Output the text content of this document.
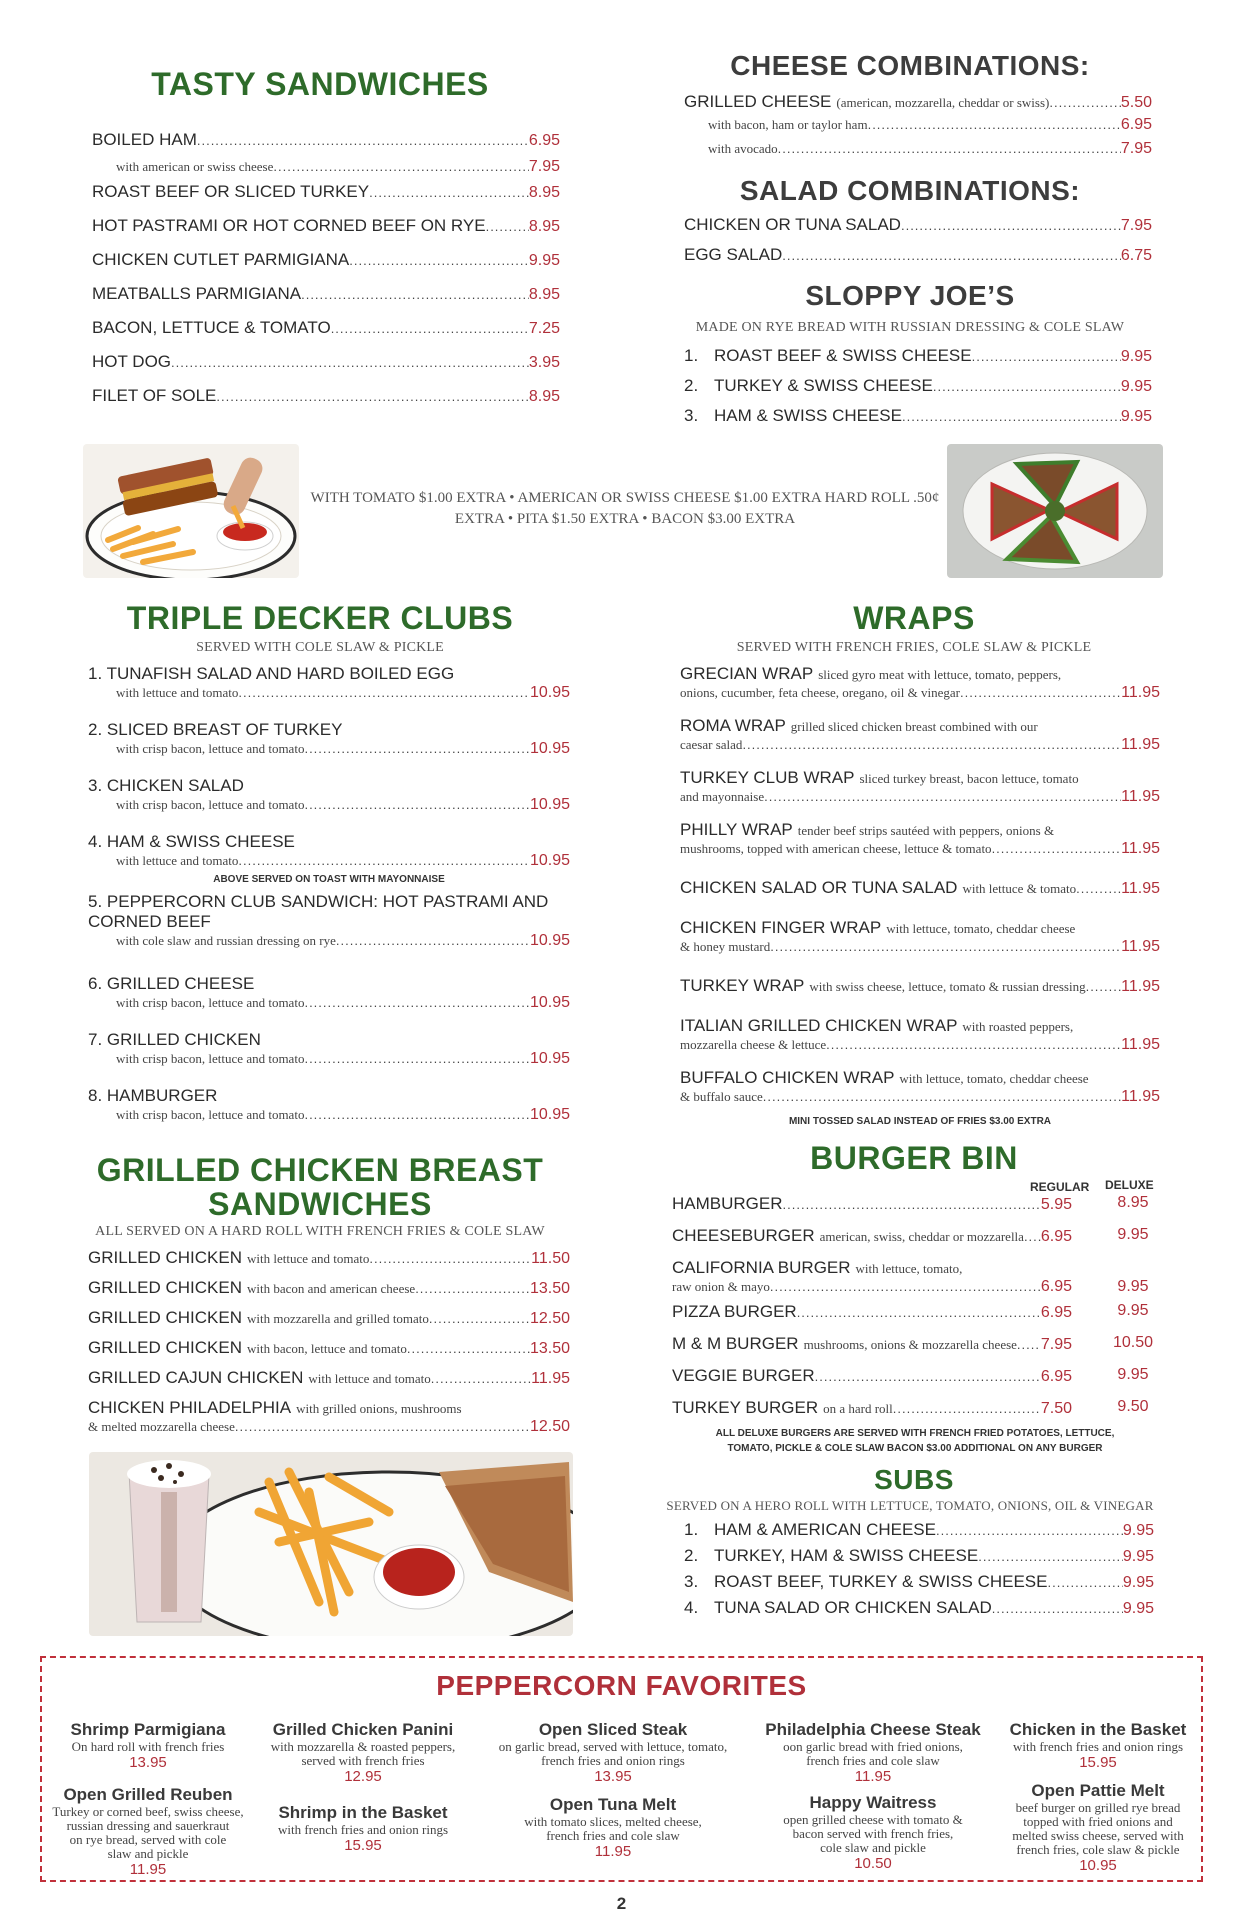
TASTY SANDWICHES
BOILED HAM .....	6.95
with american or swiss cheese .....	7.95
ROAST BEEF OR SLICED TURKEY .....	8.95
HOT PASTRAMI OR HOT CORNED BEEF ON RYE .....	8.95
CHICKEN CUTLET PARMIGIANA .....	9.95
MEATBALLS PARMIGIANA .....	8.95
BACON, LETTUCE & TOMATO .....	7.25
HOT DOG .....	3.95
FILET OF SOLE .....	8.95
CHEESE COMBINATIONS:
GRILLED CHEESE (american, mozzarella, cheddar or swiss) .....	5.50
with bacon, ham or taylor ham .....	6.95
with avocado .....	7.95
SALAD COMBINATIONS:
CHICKEN OR TUNA SALAD .....	7.95
EGG SALAD .....	6.75
SLOPPY JOE’S
MADE ON RYE BREAD WITH RUSSIAN DRESSING & COLE SLAW
1. ROAST BEEF & SWISS CHEESE .....	9.95
2. TURKEY & SWISS CHEESE .....	9.95
3. HAM & SWISS CHEESE .....	9.95
WITH TOMATO $1.00 EXTRA • AMERICAN OR SWISS CHEESE $1.00 EXTRA HARD ROLL .50¢
EXTRA • PITA $1.50 EXTRA • BACON $3.00 EXTRA
TRIPLE DECKER CLUBS
SERVED WITH COLE SLAW & PICKLE
1. TUNAFISH SALAD AND HARD BOILED EGG
with lettuce and tomato .....	10.95
2. SLICED BREAST OF TURKEY
with crisp bacon, lettuce and tomato .....	10.95
3. CHICKEN SALAD
with crisp bacon, lettuce and tomato .....	10.95
4. HAM & SWISS CHEESE
with lettuce and tomato .....	10.95
ABOVE SERVED ON TOAST WITH MAYONNAISE
5. PEPPERCORN CLUB SANDWICH: HOT PASTRAMI AND CORNED BEEF
with cole slaw and russian dressing on rye .....	10.95
6. GRILLED CHEESE
with crisp bacon, lettuce and tomato .....	10.95
7. GRILLED CHICKEN
with crisp bacon, lettuce and tomato .....	10.95
8. HAMBURGER
with crisp bacon, lettuce and tomato .....	10.95
WRAPS
SERVED WITH FRENCH FRIES, COLE SLAW & PICKLE
GRECIAN WRAP sliced gyro meat with lettuce, tomato, peppers,
onions, cucumber, feta cheese, oregano, oil & vinegar .....	11.95
ROMA WRAP grilled sliced chicken breast combined with our
caesar salad .....	11.95
TURKEY CLUB WRAP sliced turkey breast, bacon lettuce, tomato
and mayonnaise .....	11.95
PHILLY WRAP tender beef strips sautéed with peppers, onions &
mushrooms, topped with american cheese, lettuce & tomato .....	11.95
CHICKEN SALAD OR TUNA SALAD with lettuce & tomato .....	11.95
CHICKEN FINGER WRAP with lettuce, tomato, cheddar cheese
& honey mustard .....	11.95
TURKEY WRAP with swiss cheese, lettuce, tomato & russian dressing ..... 11.95
ITALIAN GRILLED CHICKEN WRAP with roasted peppers,
mozzarella cheese & lettuce .....	11.95
BUFFALO CHICKEN WRAP with lettuce, tomato, cheddar cheese
& buffalo sauce .....	11.95
MINI TOSSED SALAD INSTEAD OF FRIES $3.00 EXTRA
GRILLED CHICKEN BREAST
SANDWICHES
ALL SERVED ON A HARD ROLL WITH FRENCH FRIES & COLE SLAW
GRILLED CHICKEN with lettuce and tomato .....	11.50
GRILLED CHICKEN with bacon and american cheese .....	13.50
GRILLED CHICKEN with mozzarella and grilled tomato .....	12.50
GRILLED CHICKEN with bacon, lettuce and tomato .....	13.50
GRILLED CAJUN CHICKEN with lettuce and tomato .....	11.95
CHICKEN PHILADELPHIA with grilled onions, mushrooms
& melted mozzarella cheese .....	12.50
BURGER BIN
REGULAR DELUXE
HAMBURGER .....	5.95	8.95
CHEESEBURGER american, swiss, cheddar or mozzarella ..... 6.95	9.95
CALIFORNIA BURGER with lettuce, tomato,
raw onion & mayo .....	6.95	9.95
PIZZA BURGER .....	6.95	9.95
M & M BURGER mushrooms, onions & mozzarella cheese ..... 7.95	10.50
VEGGIE BURGER .....	6.95	9.95
TURKEY BURGER on a hard roll .....	7.50	9.50
ALL DELUXE BURGERS ARE SERVED WITH FRENCH FRIED POTATOES, LETTUCE,
TOMATO, PICKLE & COLE SLAW BACON $3.00 ADDITIONAL ON ANY BURGER
SUBS
SERVED ON A HERO ROLL WITH LETTUCE, TOMATO, ONIONS, OIL & VINEGAR
1. HAM & AMERICAN CHEESE .....	9.95
2. TURKEY, HAM & SWISS CHEESE .....	9.95
3. ROAST BEEF, TURKEY & SWISS CHEESE .....	9.95
4. TUNA SALAD OR CHICKEN SALAD .....	9.95
PEPPERCORN FAVORITES
Shrimp Parmigiana
On hard roll with french fries
13.95
Open Grilled Reuben
Turkey or corned beef, swiss cheese,
russian dressing and sauerkraut
on rye bread, served with cole
slaw and pickle
11.95
Grilled Chicken Panini
with mozzarella & roasted peppers,
served with french fries
12.95
Shrimp in the Basket
with french fries and onion rings
15.95
Open Sliced Steak
on garlic bread, served with lettuce, tomato,
french fries and onion rings
13.95
Open Tuna Melt
with tomato slices, melted cheese,
french fries and cole slaw
11.95
Philadelphia Cheese Steak
oon garlic bread with fried onions,
french fries and cole slaw
11.95
Happy Waitress
open grilled cheese with tomato &
bacon served with french fries,
cole slaw and pickle
10.50
Chicken in the Basket
with french fries and onion rings
15.95
Open Pattie Melt
beef burger on grilled rye bread
topped with fried onions and
melted swiss cheese, served with
french fries, cole slaw & pickle
10.95
2
